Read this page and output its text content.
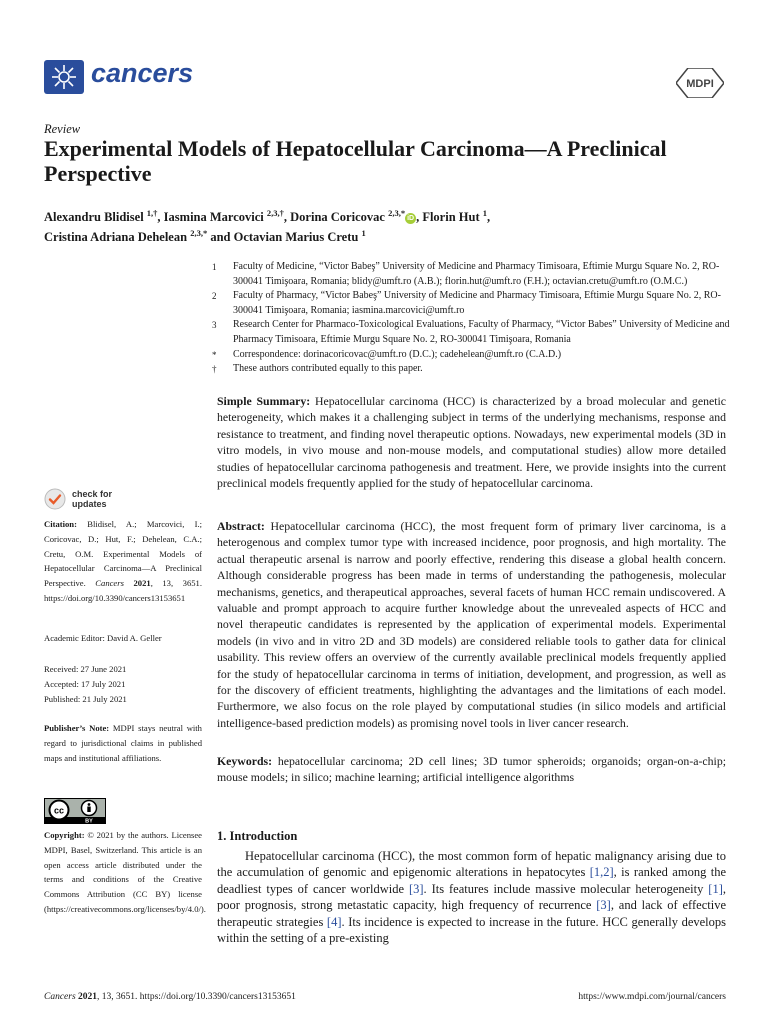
cancers	MDPI
Review
Experimental Models of Hepatocellular Carcinoma—A Preclinical Perspective
Alexandru Blidisel $^{1,\dagger}$, Iasmina Marcovici $^{2,3,\dagger}$, Dorina Coricovac $^{2,3,*}$iD , Florin Hut $^1$,
Cristina Adriana Dehelean $^{2,3,*}$ and Octavian Marius Cretu $^1$
1	Faculty of Medicine, “Victor Babeş” University of Medicine and Pharmacy Timisoara, Eftimie Murgu Square No. 2, RO-300041 Timişoara, Romania; blidy@umft.ro (A.B.); florin.hut@umft.ro (F.H.); octavian.cretu@umft.ro (O.M.C.)
2	Faculty of Pharmacy, “Victor Babeş” University of Medicine and Pharmacy Timisoara, Eftimie Murgu Square No. 2, RO-300041 Timişoara, Romania; iasmina.marcovici@umft.ro
3	Research Center for Pharmaco-Toxicological Evaluations, Faculty of Pharmacy, “Victor Babes” University of Medicine and Pharmacy Timisoara, Eftimie Murgu Square No. 2, RO-300041 Timişoara, Romania
*	Correspondence: dorinacoricovac@umft.ro (D.C.); cadehelean@umft.ro (C.A.D.)
†	These authors contributed equally to this paper.
Simple Summary: Hepatocellular carcinoma (HCC) is characterized by a broad molecular and genetic heterogeneity, which makes it a challenging subject in terms of the underlying mechanisms, response and resistance to treatment, and finding novel therapeutic options. Nowadays, new experimental models (3D in vitro models, in vivo mouse and non-mouse models, and computational studies) allow more detailed studies of hepatocellular carcinoma pathogenesis and treatment. Here, we provide insights into the current preclinical models frequently applied for the study of hepatocellular carcinoma.
Abstract: Hepatocellular carcinoma (HCC), the most frequent form of primary liver carcinoma, is a heterogenous and complex tumor type with increased incidence, poor prognosis, and high mortality. The actual therapeutic arsenal is narrow and poorly effective, rendering this disease a global health concern. Although considerable progress has been made in terms of understanding the pathogenesis, molecular mechanisms, genetics, and therapeutical approaches, several facets of human HCC remain undiscovered. A valuable and prompt approach to acquire further knowledge about the unrevealed aspects of HCC and novel therapeutic candidates is represented by the application of experimental models. Experimental models (in vivo and in vitro 2D and 3D models) are considered reliable tools to gather data for clinical usability. This review offers an overview of the currently available preclinical models frequently applied for the study of hepatocellular carcinoma in terms of initiation, development, and progression, as well as for the discovery of efficient treatments, highlighting the advantages and the limitations of each model. Furthermore, we also focus on the role played by computational studies (in silico models and artificial intelligence-based prediction models) as promising novel tools in liver cancer research.
Keywords: hepatocellular carcinoma; 2D cell lines; 3D tumor spheroids; organoids; organ-on-a-chip; mouse models; in silico; machine learning; artificial intelligence algorithms
1. Introduction
Hepatocellular carcinoma (HCC), the most common form of hepatic malignancy arising due to the accumulation of genomic and epigenomic alterations in hepatocytes [1,2], is ranked among the deadliest types of cancer worldwide [3]. Its features include massive molecular heterogeneity [1], poor prognosis, strong metastatic capacity, high frequency of recurrence [3], and lack of effective therapeutic strategies [4]. Its incidence is expected to increase in the future. HCC generally develops within the setting of a pre-existing
check for
updates
Citation: Blidisel, A.; Marcovici, I.; Coricovac, D.; Hut, F.; Dehelean, C.A.; Cretu, O.M. Experimental Models of Hepatocellular Carcinoma—A Preclinical Perspective. Cancers 2021, 13, 3651. https://doi.org/10.3390/cancers13153651
Academic Editor: David A. Geller
Received: 27 June 2021
Accepted: 17 July 2021
Published: 21 July 2021
Publisher’s Note: MDPI stays neutral with regard to jurisdictional claims in published maps and institutional affiliations.
cc
BY
Copyright: © 2021 by the authors. Licensee MDPI, Basel, Switzerland. This article is an open access article distributed under the terms and conditions of the Creative Commons Attribution (CC BY) license (https://creativecommons.org/licenses/by/4.0/).
Cancers 2021, 13, 3651. https://doi.org/10.3390/cancers13153651	https://www.mdpi.com/journal/cancers
